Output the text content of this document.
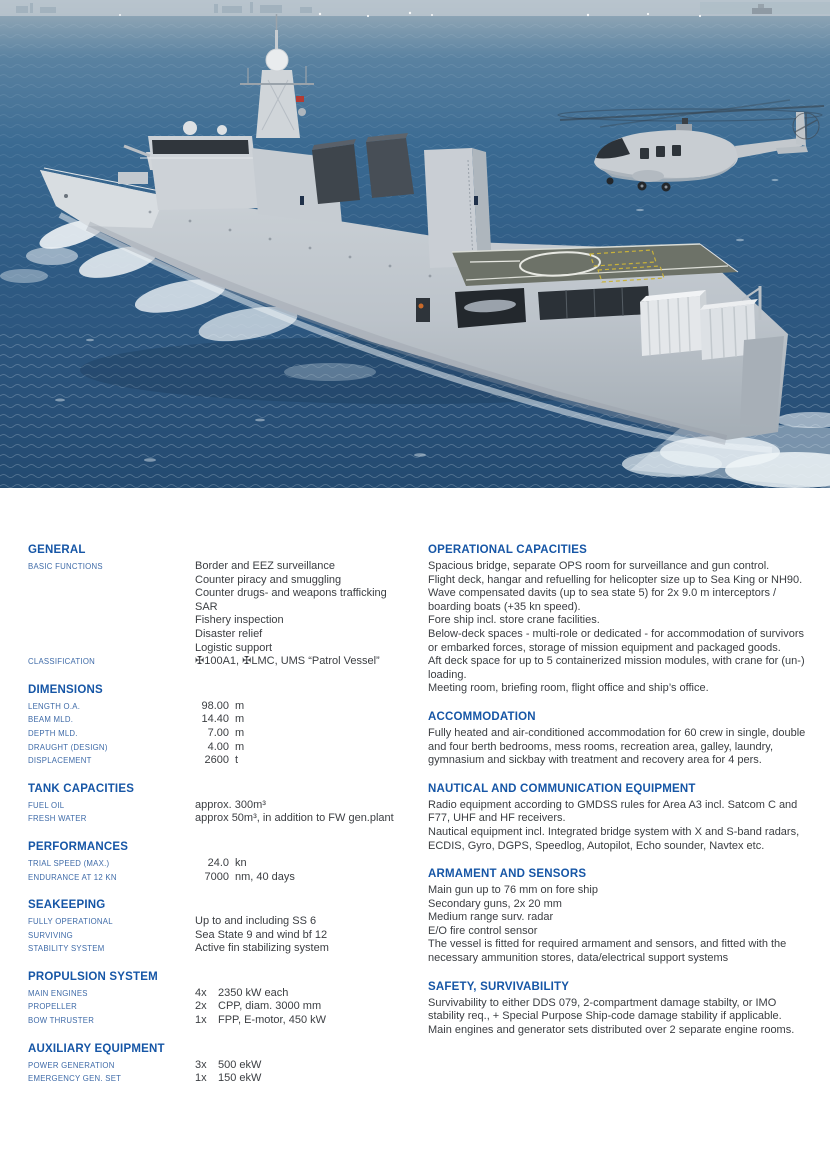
GENERAL
BASIC FUNCTIONS	Border and EEZ surveillance
Counter piracy and smuggling
Counter drugs- and weapons trafficking
SAR
Fishery inspection
Disaster relief
Logistic support
CLASSIFICATION	✠100A1, ✠LMC, UMS “Patrol Vessel”
DIMENSIONS
LENGTH O.A.	98.00 m
BEAM MLD.	14.40 m
DEPTH MLD.	7.00 m
DRAUGHT (DESIGN)	4.00 m
DISPLACEMENT	2600 t
TANK CAPACITIES
FUEL OIL	approx. 300m³
FRESH WATER	approx 50m³, in addition to FW gen.plant
PERFORMANCES
TRIAL SPEED (MAX.)	24.0 kn
ENDURANCE AT 12 KN	7000 nm, 40 days
SEAKEEPING
FULLY OPERATIONAL	Up to and including SS 6
SURVIVING	Sea State 9 and wind bf 12
STABILITY SYSTEM	Active fin stabilizing system
PROPULSION SYSTEM
MAIN ENGINES	4x 2350 kW each
PROPELLER	2x CPP, diam. 3000 mm
BOW THRUSTER	1x FPP, E-motor, 450 kW
AUXILIARY EQUIPMENT
POWER GENERATION	3x 500 ekW
EMERGENCY GEN. SET	1x 150 ekW
OPERATIONAL CAPACITIES

Spacious bridge, separate OPS room for surveillance and gun control.

Flight deck, hangar and refuelling for helicopter size up to Sea King or NH90.

Wave compensated davits (up to sea state 5) for 2x 9.0 m interceptors / boarding boats (+35 kn speed).

Fore ship incl. store crane facilities.

Below-deck spaces - multi-role or dedicated - for accommodation of survivors or embarked forces, storage of mission equipment and packaged goods.

Aft deck space for up to 5 containerized mission modules, with crane for (un-) loading.

Meeting room, briefing room, flight office and ship’s office.

ACCOMMODATION

Fully heated and air-conditioned accommodation for 60 crew in single, double and four berth bedrooms, mess rooms, recreation area, galley, laundry, gymnasium and sickbay with treatment and recovery area for 4 pers.

NAUTICAL AND COMMUNICATION EQUIPMENT

Radio equipment according to GMDSS rules for Area A3 incl. Satcom C and F77, UHF and HF receivers.

Nautical equipment incl. Integrated bridge system with X and S-band radars, ECDIS, Gyro, DGPS, Speedlog, Autopilot, Echo sounder, Navtex etc.

ARMAMENT AND SENSORS

Main gun up to 76 mm on fore ship

Secondary guns, 2x 20 mm

Medium range surv. radar

E/O fire control sensor

The vessel is fitted for required armament and sensors, and fitted with the necessary ammunition stores, data/electrical support systems

SAFETY, SURVIVABILITY

Survivability to either DDS 079, 2-compartment damage stabilty, or IMO stability req., + Special Purpose Ship-code damage stability if applicable.

Main engines and generator sets distributed over 2 separate engine rooms.
